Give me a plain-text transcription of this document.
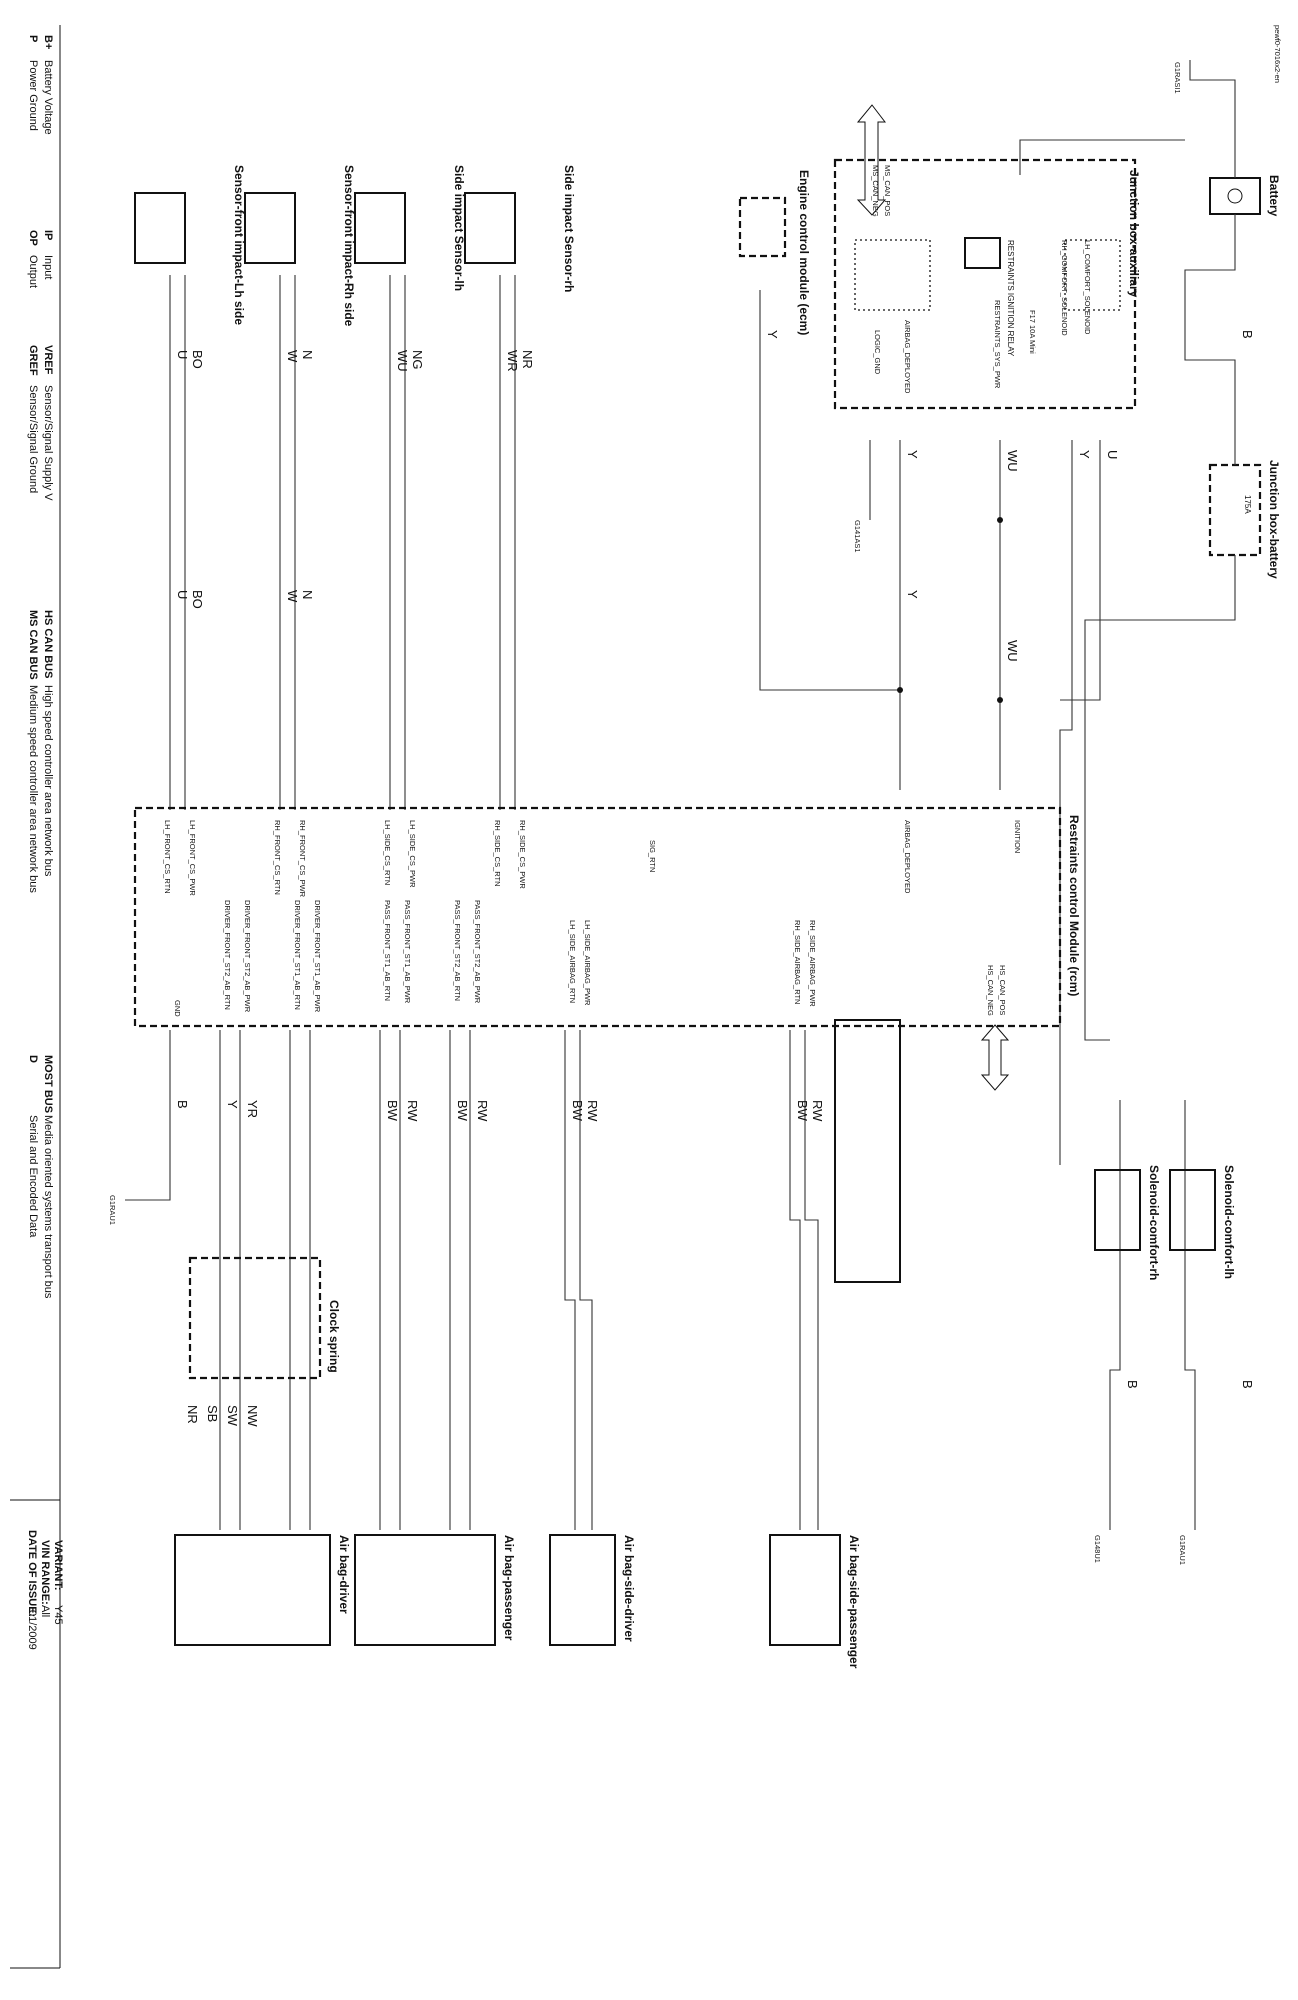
pewf0-7016x2-en
Battery
Junction box-battery
175A
Junction box-auxiliary
RESTRAINTS IGNITION RELAY F17 10A Mini
Engine control module (ecm)
Side impact Sensor-rh
Side impact Sensor-lh
Sensor-front impact-Rh side
Sensor-front impact-Lh side
Restraints control Module (rcm)
Solenoid-comfort-lh
Solenoid-comfort-rh
Clock spring
Air bag-driver	Air bag-passenger	Air bag-side-driver	Air bag-side-passenger
G1RASI1
G1RAU1
G148U1
G141AS1
G1RAU1
B
B
U
Y
WU
WU
Y
Y
Y
NR
WR
NG
WU
N
W
BO
U
N
W
BO
U
YR
Y	RW
BW
RW
BW
B	RW
BW
RW
BW
NW
SW
SB
NR
B
IGNITION
AIRBAG_DEPLOYED
RH_SIDE_CS_PWR
RH_SIDE_CS_RTN
LH_SIDE_CS_PWR
LH_SIDE_CS_RTN
RH_FRONT_CS_PWR
RH_FRONT_CS_RTN
LH_FRONT_CS_PWR
LH_FRONT_CS_RTN	SIG_RTN
HS_CAN_POS
HS_CAN_NEG
RH_SIDE_AIRBAG_PWR
RH_SIDE_AIRBAG_RTN
LH_SIDE_AIRBAG_PWR
LH_SIDE_AIRBAG_RTN
PASS_FRONT_ST2_AB_PWR
PASS_FRONT_ST2_AB_RTN
PASS_FRONT_ST1_AB_PWR
PASS_FRONT_ST1_AB_RTN
DRIVER_FRONT_ST2_AB_PWR
DRIVER_FRONT_ST2_AB_RTN	DRIVER_FRONT_ST1_AB_PWR
DRIVER_FRONT_ST1_AB_RTN
GND
LH_COMFORT_SOLENOID
RH_COMFORT_SOLENOID
RESTRAINTS_SYS_PWR
AIRBAG_DEPLOYED
LOGIC_GND
MS_CAN_POS
MS_CAN_NEG
B+
Battery Voltage
P
Power Ground
IP
Input
OP
Output
VREF
Sensor/Signal Supply V
GREF
Sensor/Signal Ground
HS CAN BUS
High speed controller area network bus
MS CAN BUS
Medium speed controller area network bus
MOST BUS
Media oriented systems transport bus
D
Serial and Encoded Data
VARIANT:
Y45
VIN RANGE:
All
DATE OF ISSUE:
01/2009
